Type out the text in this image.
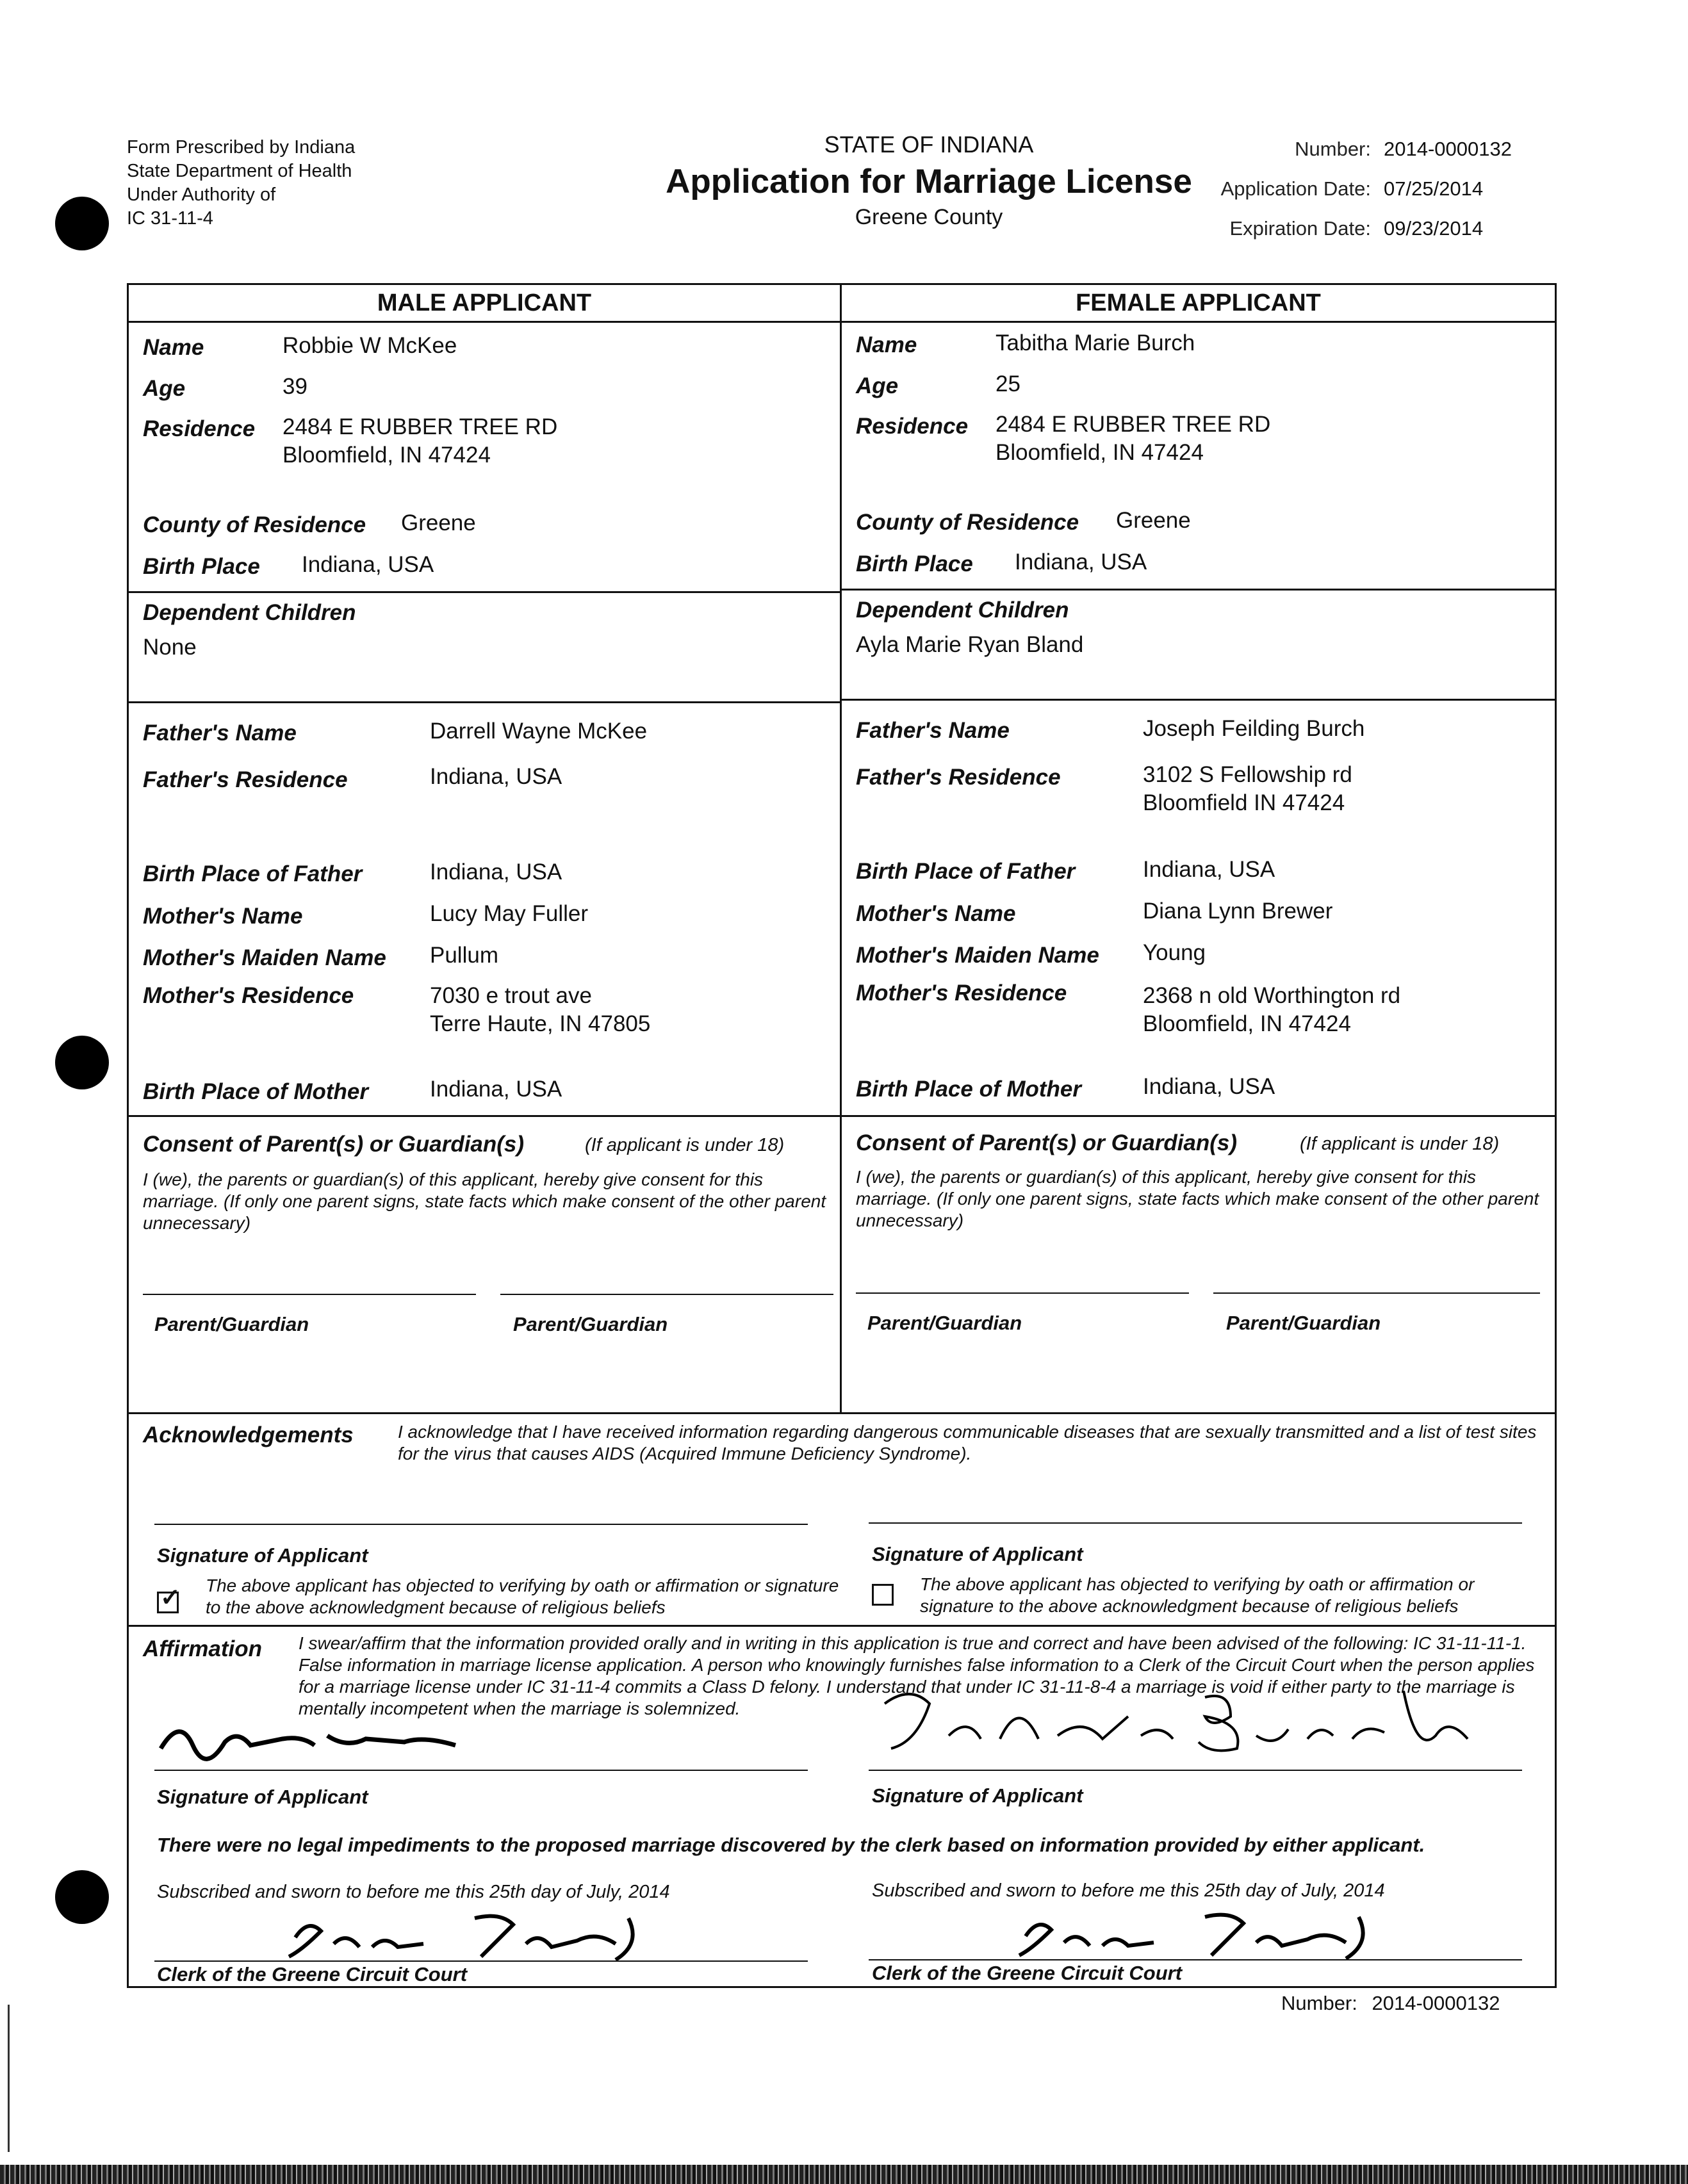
Form Prescribed by Indiana
State Department of Health
Under Authority of
IC 31-11-4
STATE OF INDIANA
Application for Marriage License
Greene County
Number: 2014-0000132
Application Date: 07/25/2014
Expiration Date: 09/23/2014
MALE APPLICANT
Name	Robbie W McKee
Age	39
Residence 2484 E RUBBER TREE RD
Bloomfield, IN 47424
County of Residence Greene
Birth Place Indiana, USA
Dependent Children
None
Father's Name	Darrell Wayne McKee
Father's Residence	Indiana, USA
Birth Place of Father	Indiana, USA
Mother's Name	Lucy May Fuller
Mother's Maiden Name Pullum
Mother's Residence	7030 e trout ave
Terre Haute, IN 47805
Birth Place of Mother	Indiana, USA
Consent of Parent(s) or Guardian(s)	(If applicant is under 18)
I (we), the parents or guardian(s) of this applicant, hereby give consent for this marriage. (If only one parent signs, state facts which make consent of the other parent unnecessary)
Parent/Guardian	Parent/Guardian
FEMALE APPLICANT
Name	Tabitha Marie Burch
Age	25
Residence 2484 E RUBBER TREE RD
Bloomfield, IN 47424
County of Residence Greene
Birth Place Indiana, USA
Dependent Children
Ayla Marie Ryan Bland
Father's Name	Joseph Feilding Burch
Father's Residence	3102 S Fellowship rd
Bloomfield IN 47424
Birth Place of Father	Indiana, USA
Mother's Name	Diana Lynn Brewer
Mother's Maiden Name Young
Mother's Residence	2368 n old Worthington rd
Bloomfield, IN 47424
Birth Place of Mother	Indiana, USA
Consent of Parent(s) or Guardian(s)	(If applicant is under 18)
I (we), the parents or guardian(s) of this applicant, hereby give consent for this marriage. (If only one parent signs, state facts which make consent of the other parent unnecessary)
Parent/Guardian	Parent/Guardian
Acknowledgements I acknowledge that I have received information regarding dangerous communicable diseases that are sexually transmitted and a list of test sites for the virus that causes AIDS (Acquired Immune Deficiency Syndrome).
Signature of Applicant	Signature of Applicant
✓ The above applicant has objected to verifying by oath or affirmation or signature to the above acknowledgment because of religious beliefs
The above applicant has objected to verifying by oath or affirmation or signature to the above acknowledgment because of religious beliefs
Affirmation I swear/affirm that the information provided orally and in writing in this application is true and correct and have been advised of the following: IC 31-11-11-1. False information in marriage license application. A person who knowingly furnishes false information to a Clerk of the Circuit Court when the person applies for a marriage license under IC 31-11-4 commits a Class D felony. I understand that under IC 31-11-8-4 a marriage is void if either party to the marriage is mentally incompetent when the marriage is solemnized.
Signature of Applicant	Signature of Applicant
There were no legal impediments to the proposed marriage discovered by the clerk based on information provided by either applicant.
Subscribed and sworn to before me this 25th day of July, 2014	Subscribed and sworn to before me this 25th day of July, 2014
Clerk of the Greene Circuit Court	Clerk of the Greene Circuit Court
Number: 2014-0000132
